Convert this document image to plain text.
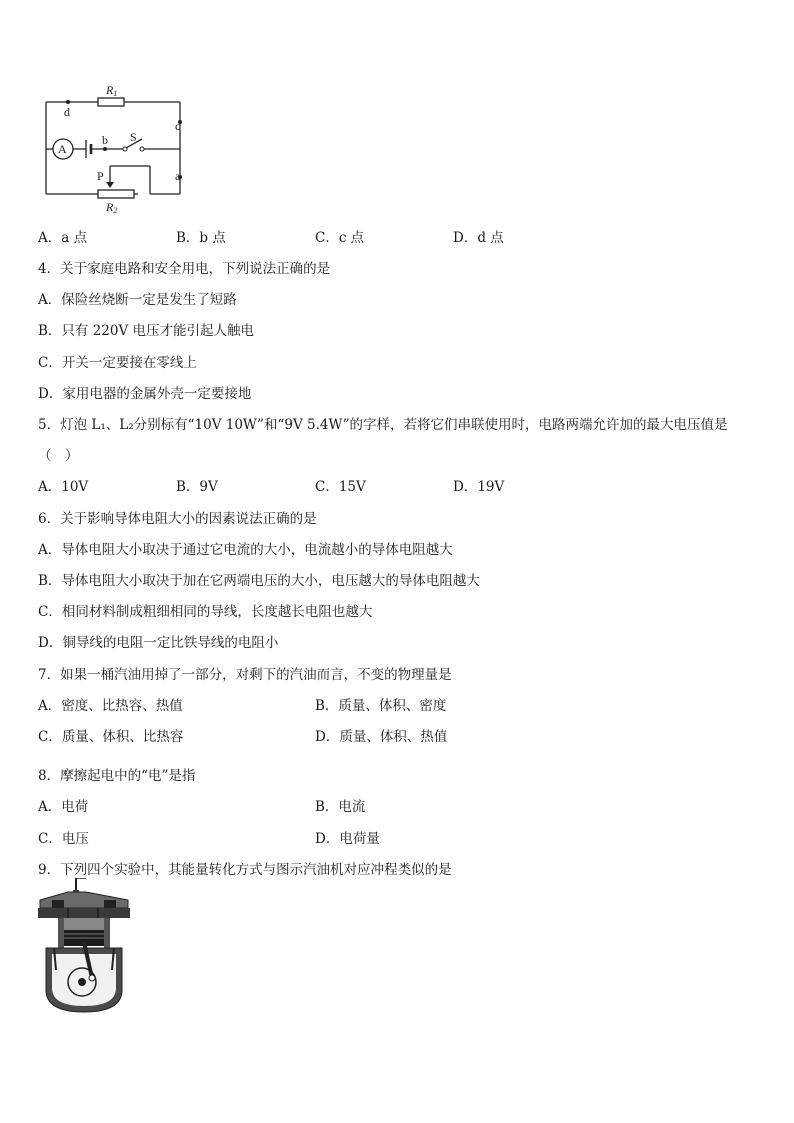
R1
d
c
b S
A
a
P
R2
A．a 点	B．b 点	C．c 点	D．d 点
4．关于家庭电路和安全用电，下列说法正确的是
A．保险丝烧断一定是发生了短路
B．只有 220V 电压才能引起人触电
C．开关一定要接在零线上
D．家用电器的金属外壳一定要接地
5．灯泡 L₁、L₂分别标有“10V 10W”和“9V 5.4W”的字样，若将它们串联使用时，电路两端允许加的最大电压值是
（　）
A．10V	B．9V	C．15V	D．19V
6．关于影响导体电阻大小的因素说法正确的是
A．导体电阻大小取决于通过它电流的大小，电流越小的导体电阻越大
B．导体电阻大小取决于加在它两端电压的大小，电压越大的导体电阻越大
C．相同材料制成粗细相同的导线，长度越长电阻也越大
D．铜导线的电阻一定比铁导线的电阻小
7．如果一桶汽油用掉了一部分，对剩下的汽油而言，不变的物理量是
A．密度、比热容、热值	B．质量、体积、密度
C．质量、体积、比热容	D．质量、体积、热值
8．摩擦起电中的“电”是指
A．电荷	B．电流
C．电压	D．电荷量
9．下列四个实验中，其能量转化方式与图示汽油机对应冲程类似的是
